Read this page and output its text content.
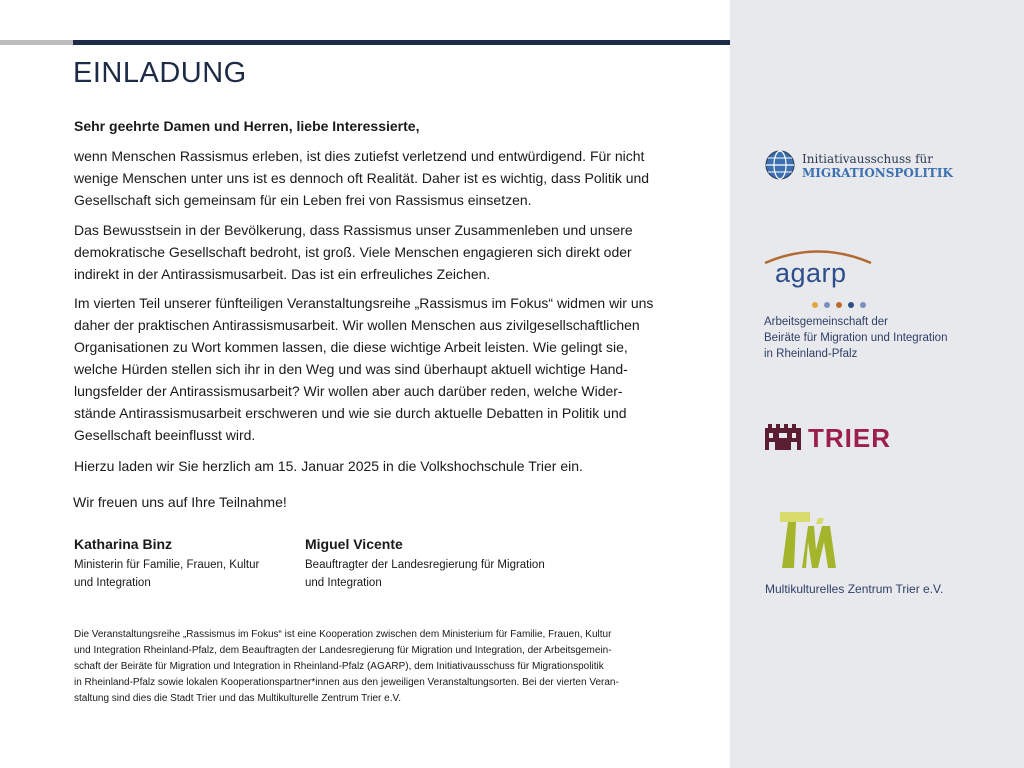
EINLADUNG

Sehr geehrte Damen und Herren, liebe Interessierte,

wenn Menschen Rassismus erleben, ist dies zutiefst verletzend und entwürdigend. Für nicht
wenige Menschen unter uns ist es dennoch oft Realität. Daher ist es wichtig, dass Politik und
Gesellschaft sich gemeinsam für ein Leben frei von Rassismus einsetzen.

Das Bewusstsein in der Bevölkerung, dass Rassismus unser Zusammenleben und unsere
demokratische Gesellschaft bedroht, ist groß. Viele Menschen engagieren sich direkt oder
indirekt in der Antirassismusarbeit. Das ist ein erfreuliches Zeichen.

Im vierten Teil unserer fünfteiligen Veranstaltungsreihe „Rassismus im Fokus“ widmen wir uns
daher der praktischen Antirassismusarbeit. Wir wollen Menschen aus zivilgesellschaftlichen
Organisationen zu Wort kommen lassen, die diese wichtige Arbeit leisten. Wie gelingt sie,
welche Hürden stellen sich ihr in den Weg und was sind überhaupt aktuell wichtige Hand-
lungsfelder der Antirassismusarbeit? Wir wollen aber auch darüber reden, welche Wider-
stände Antirassismusarbeit erschweren und wie sie durch aktuelle Debatten in Politik und
Gesellschaft beeinflusst wird.

Hierzu laden wir Sie herzlich am 15. Januar 2025 in die Volkshochschule Trier ein.

Wir freuen uns auf Ihre Teilnahme!

Katharina Binz

Ministerin für Familie, Frauen, Kultur
und Integration

Miguel Vicente

Beauftragter der Landesregierung für Migration
und Integration

Die Veranstaltungsreihe „Rassismus im Fokus“ ist eine Kooperation zwischen dem Ministerium für Familie, Frauen, Kultur
und Integration Rheinland-Pfalz, dem Beauftragten der Landesregierung für Migration und Integration, der Arbeitsgemein-
schaft der Beiräte für Migration und Integration in Rheinland-Pfalz (AGARP), dem Initiativausschuss für Migrationspolitik
in Rheinland-Pfalz sowie lokalen Kooperationspartner*innen aus den jeweiligen Veranstaltungsorten. Bei der vierten Veran-
staltung sind dies die Stadt Trier und das Multikulturelle Zentrum Trier e.V.

Initiativausschuss für
MIGRATIONSPOLITIK
agarp

Arbeitsgemeinschaft der
Beiräte für Migration und Integration
in Rheinland-Pfalz

TRIER

Multikulturelles Zentrum Trier e.V.
